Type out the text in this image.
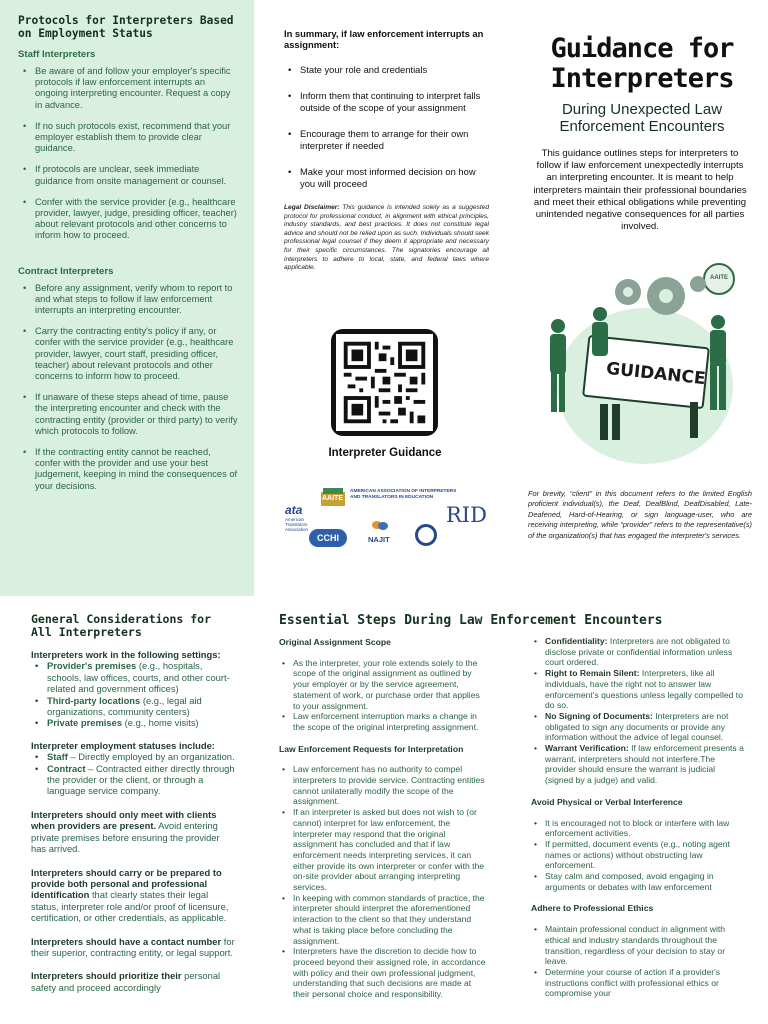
Protocols for Interpreters Based on Employment Status
Staff Interpreters
• Be aware of and follow your employer's specific protocols if law enforcement interrupts an ongoing interpreting encounter. Request a copy in advance.
• If no such protocols exist, recommend that your employer establish them to provide clear guidance.
• If protocols are unclear, seek immediate guidance from onsite management or counsel.
• Confer with the service provider (e.g., healthcare provider, lawyer, judge, presiding officer, teacher) about relevant protocols and other concerns to inform how to proceed.
Contract Interpreters
• Before any assignment, verify whom to report to and what steps to follow if law enforcement interrupts an interpreting encounter.
• Carry the contracting entity's policy if any, or confer with the service provider (e.g., healthcare provider, lawyer, court staff, presiding officer, teacher) about relevant protocols and other concerns to inform how to proceed.
• If unaware of these steps ahead of time, pause the interpreting encounter and check with the contracting entity (provider or third party) to verify which protocols to follow.
• If the contracting entity cannot be reached, confer with the provider and use your best judgement, keeping in mind the consequences of your decisions.

In summary, if law enforcement interrupts an assignment:

• State your role and credentials
• Inform them that continuing to interpret falls outside of the scope of your assignment
• Encourage them to arrange for their own interpreter if needed
• Make your most informed decision on how you will proceed

Legal Disclaimer: This guidance is intended solely as a suggested protocol for professional conduct, in alignment with ethical principles, industry standards, and best practices. It does not constitute legal advice and should not be relied upon as such. Individuals should seek professional legal counsel if they deem it appropriate and necessary for their specific circumstances. The signatories encourage all interpreters to adhere to local, state, and federal laws where applicable.

Interpreter Guidance
AAITE
AMERICAN ASSOCIATION OF INTERPRETERS AND TRANSLATORS IN EDUCATION
ata
American Translators Association
CCHI	NAJIT
RID
Guidance for
Interpreters
During Unexpected Law
Enforcement Encounters

This guidance outlines steps for interpreters to follow if law enforcement unexpectedly interrupts an interpreting encounter. It is meant to help interpreters maintain their professional boundaries and meet their ethical obligations while preventing unintended negative consequences for all parties involved.

AAITE
GUIDANCE

For brevity, “client” in this document refers to the limited English proficient individual(s), the Deaf, DeafBlind, DeafDisabled, Late-Deafened, Hard-of-Hearing, or sign language-user, who are receiving interpreting, while “provider” refers to the representative(s) of the organization(s) that has engaged the interpreter's services.

General Considerations for All Interpreters

Interpreters work in the following settings:

• Provider's premises (e.g., hospitals, schools, law offices, courts, and other court-related and government offices)
• Third-party locations (e.g., legal aid organizations, community centers)
• Private premises (e.g., home visits)

Interpreter employment statuses include:

• Staff – Directly employed by an organization.
• Contract – Contracted either directly through the provider or the client, or through a language service company.

Interpreters should only meet with clients when providers are present. Avoid entering private premises before ensuring the provider has arrived.

Interpreters should carry or be prepared to provide both personal and professional identification that clearly states their legal status, interpreter role and/or proof of licensure, certification, or other credentials, as applicable.

Interpreters should have a contact number for their superior, contracting entity, or legal support.

Interpreters should prioritize their personal safety and proceed accordingly

Essential Steps During Law Enforcement Encounters
Original Assignment Scope
• As the interpreter, your role extends solely to the scope of the original assignment as outlined by your employer or by the service agreement, statement of work, or purchase order that applies to your assignment.
• Law enforcement interruption marks a change in the scope of the original interpreting assignment.
Law Enforcement Requests for Interpretation
• Law enforcement has no authority to compel interpreters to provide service. Contracting entities cannot unilaterally modify the scope of the assignment.
• If an interpreter is asked but does not wish to (or cannot) interpret for law enforcement, the interpreter may respond that the original assignment has concluded and that if law enforcement needs interpreting services, it can either provide its own interpreter or confer with the on-site provider about arranging interpreting services.
• In keeping with common standards of practice, the interpreter should interpret the aforementioned interaction to the client so that they understand what is taking place before concluding the assignment.
• Interpreters have the discretion to decide how to proceed beyond their assigned role, in accordance with policy and their own professional judgment, understanding that such decisions are made at their personal choice and responsibility.
• Confidentiality: Interpreters are not obligated to disclose private or confidential information unless court ordered.
• Right to Remain Silent: Interpreters, like all individuals, have the right not to answer law enforcement's questions unless legally compelled to do so.
• No Signing of Documents: Interpreters are not obligated to sign any documents or provide any information without the advice of legal counsel.
• Warrant Verification: If law enforcement presents a warrant, interpreters should not interfere.The provider should ensure the warrant is judicial (signed by a judge) and valid.
Avoid Physical or Verbal Interference
• It is encouraged not to block or interfere with law enforcement activities.
• If permitted, document events (e.g., noting agent names or actions) without obstructing law enforcement.
• Stay calm and composed, avoid engaging in arguments or debates with law enforcement
Adhere to Professional Ethics
• Maintain professional conduct in alignment with ethical and industry standards throughout the transition, regardless of your decision to stay or leave.
• Determine your course of action if a provider's instructions conflict with professional ethics or compromise your
